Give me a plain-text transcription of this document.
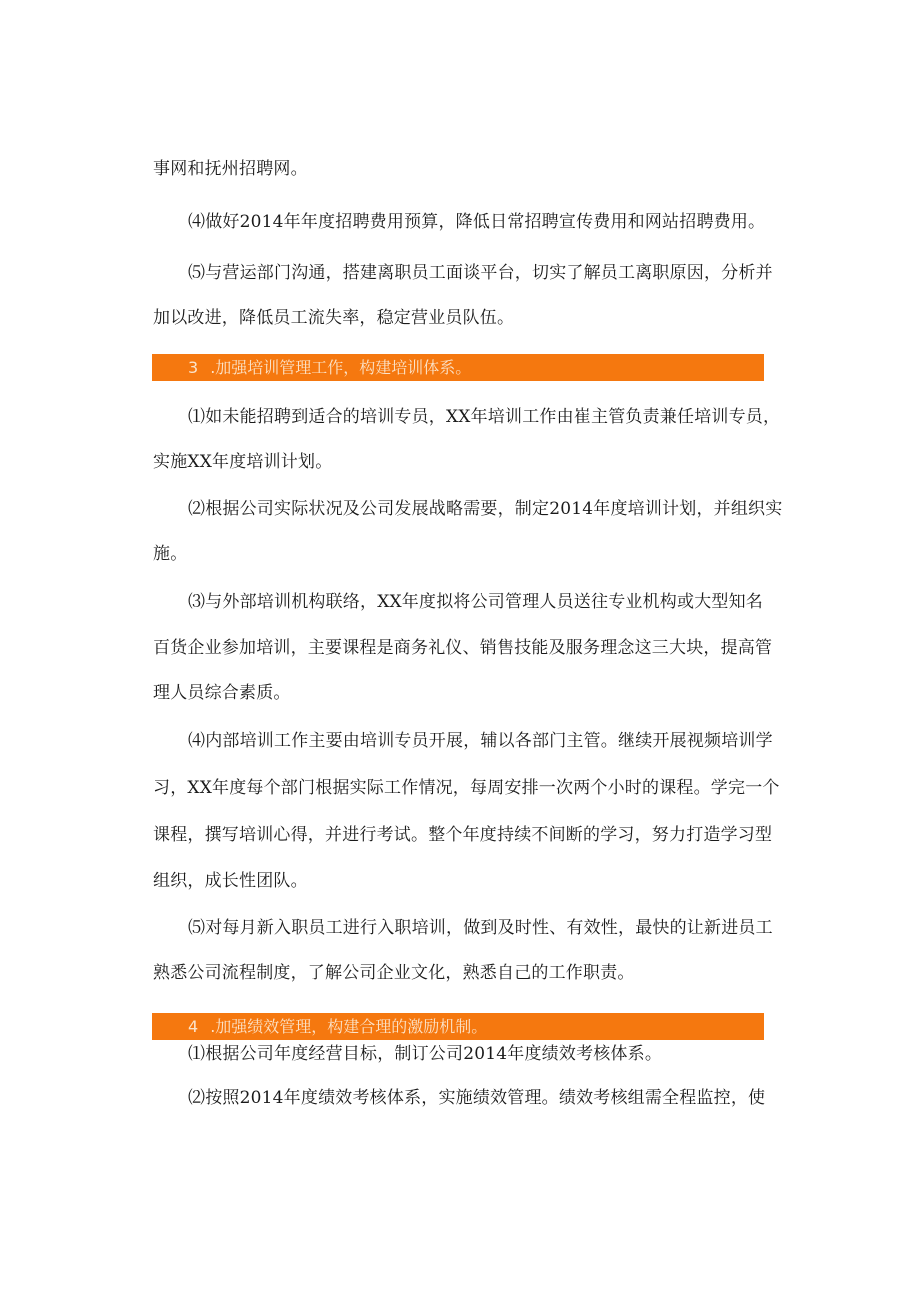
事网和抚州招聘网。
⑷做好2014年年度招聘费用预算，降低日常招聘宣传费用和网站招聘费用。
⑸与营运部门沟通，搭建离职员工面谈平台，切实了解员工离职原因，分析并
加以改进，降低员工流失率，稳定营业员队伍。
3 .加强培训管理工作，构建培训体系。
⑴如未能招聘到适合的培训专员，XX年培训工作由崔主管负责兼任培训专员，
实施XX年度培训计划。
⑵根据公司实际状况及公司发展战略需要，制定2014年度培训计划，并组织实
施。
⑶与外部培训机构联络，XX年度拟将公司管理人员送往专业机构或大型知名
百货企业参加培训，主要课程是商务礼仪、销售技能及服务理念这三大块，提高管
理人员综合素质。
⑷内部培训工作主要由培训专员开展，辅以各部门主管。继续开展视频培训学
习，XX年度每个部门根据实际工作情况，每周安排一次两个小时的课程。学完一个
课程，撰写培训心得，并进行考试。整个年度持续不间断的学习，努力打造学习型
组织，成长性团队。
⑸对每月新入职员工进行入职培训，做到及时性、有效性，最快的让新进员工
熟悉公司流程制度，了解公司企业文化，熟悉自己的工作职责。
4 .加强绩效管理，构建合理的激励机制。
⑴根据公司年度经营目标，制订公司2014年度绩效考核体系。
⑵按照2014年度绩效考核体系，实施绩效管理。绩效考核组需全程监控，使
